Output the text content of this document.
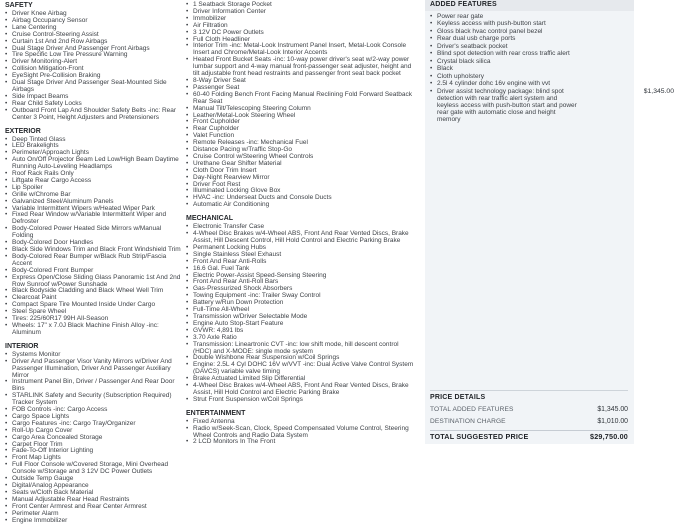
SAFETY
• Driver Knee Airbag
• Airbag Occupancy Sensor
• Lane Centering
• Cruise Control-Steering Assist
• Curtain 1st And 2nd Row Airbags
• Dual Stage Driver And Passenger Front Airbags
• Tire Specific Low Tire Pressure Warning
• Driver Monitoring-Alert
• Collision Mitigation-Front
• EyeSight Pre-Collision Braking
• Dual Stage Driver And Passenger Seat-Mounted Side Airbags
• Side Impact Beams
• Rear Child Safety Locks
• Outboard Front Lap And Shoulder Safety Belts -inc: Rear Center 3 Point, Height Adjusters and Pretensioners
EXTERIOR
• Deep Tinted Glass
• LED Brakelights
• Perimeter/Approach Lights
• Auto On/Off Projector Beam Led Low/High Beam Daytime Running Auto-Leveling Headlamps
• Roof Rack Rails Only
• Liftgate Rear Cargo Access
• Lip Spoiler
• Grille w/Chrome Bar
• Galvanized Steel/Aluminum Panels
• Variable Intermittent Wipers w/Heated Wiper Park
• Fixed Rear Window w/Variable Intermittent Wiper and Defroster
• Body-Colored Power Heated Side Mirrors w/Manual Folding
• Body-Colored Door Handles
• Black Side Windows Trim and Black Front Windshield Trim
• Body-Colored Rear Bumper w/Black Rub Strip/Fascia Accent
• Body-Colored Front Bumper
• Express Open/Close Sliding Glass Panoramic 1st And 2nd Row Sunroof w/Power Sunshade
• Black Bodyside Cladding and Black Wheel Well Trim
• Clearcoat Paint
• Compact Spare Tire Mounted Inside Under Cargo
• Steel Spare Wheel
• Tires: 225/60R17 99H All-Season
• Wheels: 17" x 7.0J Black Machine Finish Alloy -inc: Aluminum
INTERIOR
• Systems Monitor
• Driver And Passenger Visor Vanity Mirrors w/Driver And Passenger Illumination, Driver And Passenger Auxiliary Mirror
• Instrument Panel Bin, Driver / Passenger And Rear Door Bins
• STARLINK Safety and Security (Subscription Required) Tracker System
• FOB Controls -inc: Cargo Access
• Cargo Space Lights
• Cargo Features -inc: Cargo Tray/Organizer
• Roll-Up Cargo Cover
• Cargo Area Concealed Storage
• Carpet Floor Trim
• Fade-To-Off Interior Lighting
• Front Map Lights
• Full Floor Console w/Covered Storage, Mini Overhead Console w/Storage and 3 12V DC Power Outlets
• Outside Temp Gauge
• Digital/Analog Appearance
• Seats w/Cloth Back Material
• Manual Adjustable Rear Head Restraints
• Front Center Armrest and Rear Center Armrest
• Perimeter Alarm
• Engine Immobilizer
• 1 Seatback Storage Pocket
• Driver Information Center
• Immobilizer
• Air Filtration
• 3 12V DC Power Outlets
• Full Cloth Headliner
• Interior Trim -inc: Metal-Look Instrument Panel Insert, Metal-Look Console Insert and Chrome/Metal-Look Interior Accents
• Heated Front Bucket Seats -inc: 10-way power driver's seat w/2-way power lumbar support and 4-way manual front-passenger seat adjuster, height and tilt adjustable front head restraints and passenger front seat back pocket
• 8-Way Driver Seat
• Passenger Seat
• 60-40 Folding Bench Front Facing Manual Reclining Fold Forward Seatback Rear Seat
• Manual Tilt/Telescoping Steering Column
• Leather/Metal-Look Steering Wheel
• Front Cupholder
• Rear Cupholder
• Valet Function
• Remote Releases -inc: Mechanical Fuel
• Distance Pacing w/Traffic Stop-Go
• Cruise Control w/Steering Wheel Controls
• Urethane Gear Shifter Material
• Cloth Door Trim Insert
• Day-Night Rearview Mirror
• Driver Foot Rest
• Illuminated Locking Glove Box
• HVAC -inc: Underseat Ducts and Console Ducts
• Automatic Air Conditioning
MECHANICAL
• Electronic Transfer Case
• 4-Wheel Disc Brakes w/4-Wheel ABS, Front And Rear Vented Discs, Brake Assist, Hill Descent Control, Hill Hold Control and Electric Parking Brake
• Permanent Locking Hubs
• Single Stainless Steel Exhaust
• Front And Rear Anti-Rolls
• 16.6 Gal. Fuel Tank
• Electric Power-Assist Speed-Sensing Steering
• Front And Rear Anti-Roll Bars
• Gas-Pressurized Shock Absorbers
• Towing Equipment -inc: Trailer Sway Control
• Battery w/Run Down Protection
• Full-Time All-Wheel
• Transmission w/Driver Selectable Mode
• Engine Auto Stop-Start Feature
• GVWR: 4,891 lbs
• 3.70 Axle Ratio
• Transmission: Lineartronic CVT -inc: low shift mode, hill descent control (HDC) and X-MODE: single mode system
• Double Wishbone Rear Suspension w/Coil Springs
• Engine: 2.5L 4 Cyl DOHC 16V w/VVT -inc: Dual Active Valve Control System (DAVCS) variable valve timing
• Brake Actuated Limited Slip Differential
• 4-Wheel Disc Brakes w/4-Wheel ABS, Front And Rear Vented Discs, Brake Assist, Hill Hold Control and Electric Parking Brake
• Strut Front Suspension w/Coil Springs
ENTERTAINMENT
• Fixed Antenna
• Radio w/Seek-Scan, Clock, Speed Compensated Volume Control, Steering Wheel Controls and Radio Data System
• 2 LCD Monitors In The Front
ADDED FEATURES
• Power rear gate
• Keyless access with push-button start
• Gloss black hvac control panel bezel
• Rear dual usb charge ports
• Driver's seatback pocket
• Blind spot detection with rear cross traffic alert
• Crystal black silica
• Black
• Cloth upholstery
• 2.5l 4 cylinder dohc 16v engine with vvt
• Driver assist technology package: blind spot detection with rear traffic alert system and keyless access with push-button start and power rear gate with automatic close and height memory
$1,345.00
PRICE DETAILS
TOTAL ADDED FEATURES	$1,345.00
DESTINATION CHARGE	$1,010.00
TOTAL SUGGESTED PRICE	$29,750.00
